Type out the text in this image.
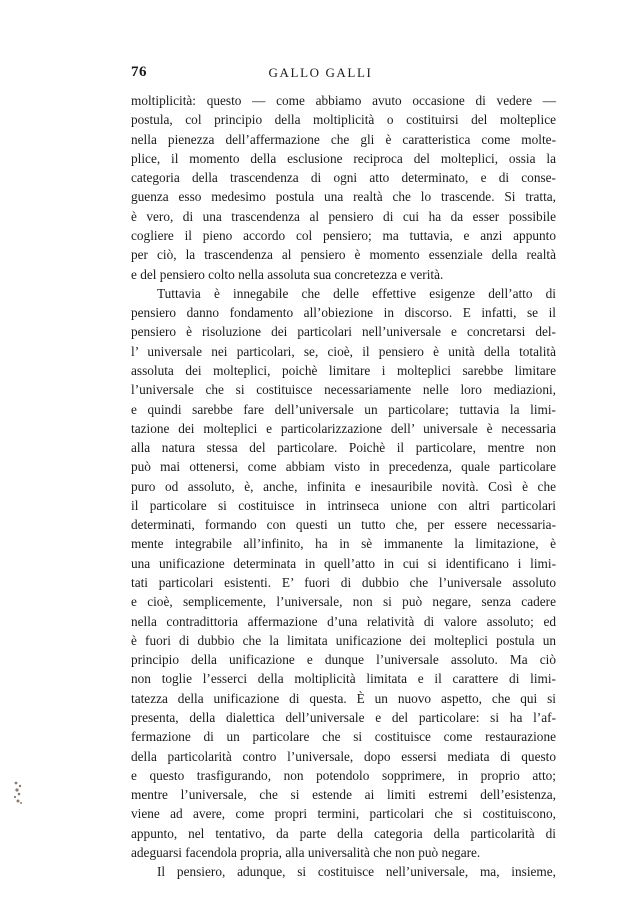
76	GALLO GALLI
moltiplicità: questo — come abbiamo avuto occasione di vedere —
postula, col principio della moltiplicità o costituirsi del molteplice
nella pienezza dell’affermazione che gli è caratteristica come molte-
plice, il momento della esclusione reciproca del molteplici, ossia la
categoria della trascendenza di ogni atto determinato, e di conse-
guenza esso medesimo postula una realtà che lo trascende. Si tratta,
è vero, di una trascendenza al pensiero di cui ha da esser possibile
cogliere il pieno accordo col pensiero; ma tuttavia, e anzi appunto
per ciò, la trascendenza al pensiero è momento essenziale della realtà
e del pensiero colto nella assoluta sua concretezza e verità.
Tuttavia è innegabile che delle effettive esigenze dell’atto di
pensiero danno fondamento all’obiezione in discorso. E infatti, se il
pensiero è risoluzione dei particolari nell’universale e concretarsi del-
l’ universale nei particolari, se, cioè, il pensiero è unità della totalità
assoluta dei molteplici, poichè limitare i molteplici sarebbe limitare
l’universale che si costituisce necessariamente nelle loro mediazioni,
e quindi sarebbe fare dell’universale un particolare; tuttavia la limi-
tazione dei molteplici e particolarizzazione dell’ universale è necessaria
alla natura stessa del particolare. Poichè il particolare, mentre non
può mai ottenersi, come abbiam visto in precedenza, quale particolare
puro od assoluto, è, anche, infinita e inesauribile novità. Così è che
il particolare si costituisce in intrinseca unione con altri particolari
determinati, formando con questi un tutto che, per essere necessaria-
mente integrabile all’infinito, ha in sè immanente la limitazione, è
una unificazione determinata in quell’atto in cui si identificano i limi-
tati particolari esistenti. E’ fuori di dubbio che l’universale assoluto
e cioè, semplicemente, l’universale, non si può negare, senza cadere
nella contradittoria affermazione d’una relatività di valore assoluto; ed
è fuori di dubbio che la limitata unificazione dei molteplici postula un
principio della unificazione e dunque l’universale assoluto. Ma ciò
non toglie l’esserci della moltiplicità limitata e il carattere di limi-
tatezza della unificazione di questa. È un nuovo aspetto, che qui si
presenta, della dialettica dell’universale e del particolare: si ha l’af-
fermazione di un particolare che si costituisce come restaurazione
della particolarità contro l’universale, dopo essersi mediata di questo
e questo trasfigurando, non potendolo sopprimere, in proprio atto;
mentre l’universale, che si estende ai limiti estremi dell’esistenza,
viene ad avere, come propri termini, particolari che si costituiscono,
appunto, nel tentativo, da parte della categoria della particolarità di
adeguarsi facendola propria, alla universalità che non può negare.
Il pensiero, adunque, si costituisce nell’universale, ma, insieme,
